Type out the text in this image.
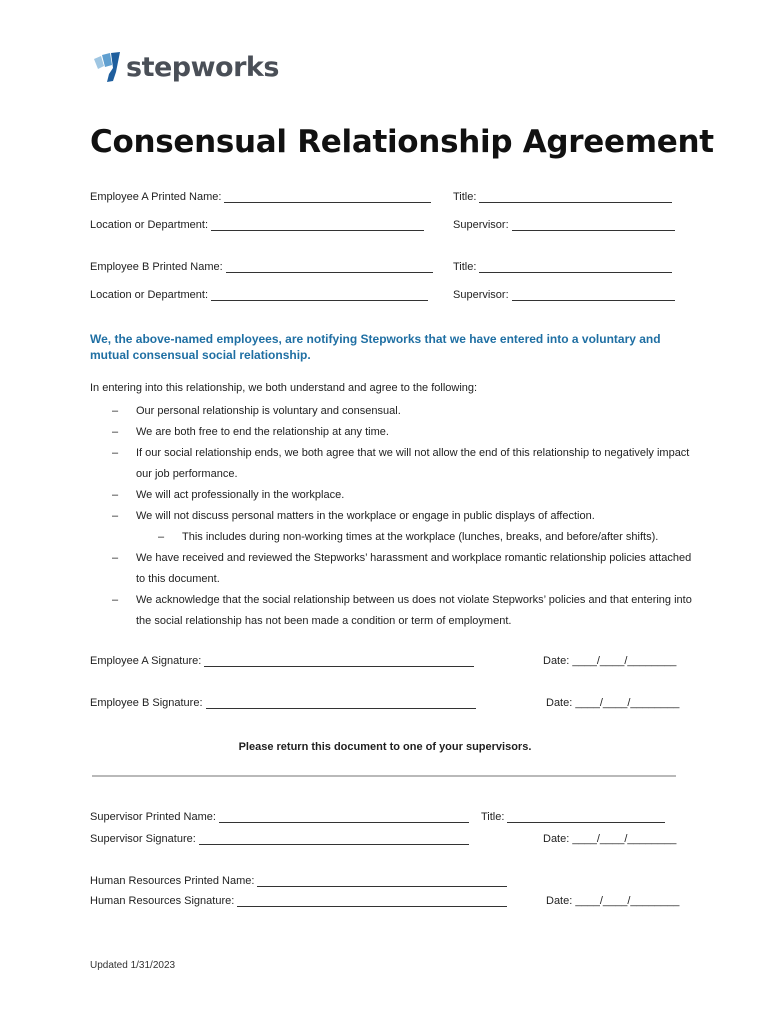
stepworks
Consensual Relationship Agreement
Employee A Printed Name:	Title:
Location or Department:	Supervisor:
Employee B Printed Name:	Title:
Location or Department:	Supervisor:

We, the above-named employees, are notifying Stepworks that we have entered into a voluntary and mutual consensual social relationship.

In entering into this relationship, we both understand and agree to the following:
– Our personal relationship is voluntary and consensual.
– We are both free to end the relationship at any time.
– If our social relationship ends, we both agree that we will not allow the end of this relationship to negatively impact our job performance.
– We will act professionally in the workplace.
– We will not discuss personal matters in the workplace or engage in public displays of affection.
– This includes during non-working times at the workplace (lunches, breaks, and before/after shifts).
– We have received and reviewed the Stepworks’ harassment and workplace romantic relationship policies attached to this document.
– We acknowledge that the social relationship between us does not violate Stepworks’ policies and that entering into the social relationship has not been made a condition or term of employment.
Employee A Signature:	Date:
____/____/________
Employee B Signature:	Date:
____/____/________
Please return this document to one of your supervisors.
Supervisor Printed Name:	Title:
Supervisor Signature:	Date:
____/____/________
Human Resources Printed Name:
Human Resources Signature:	Date:
____/____/________
Updated 1/31/2023
